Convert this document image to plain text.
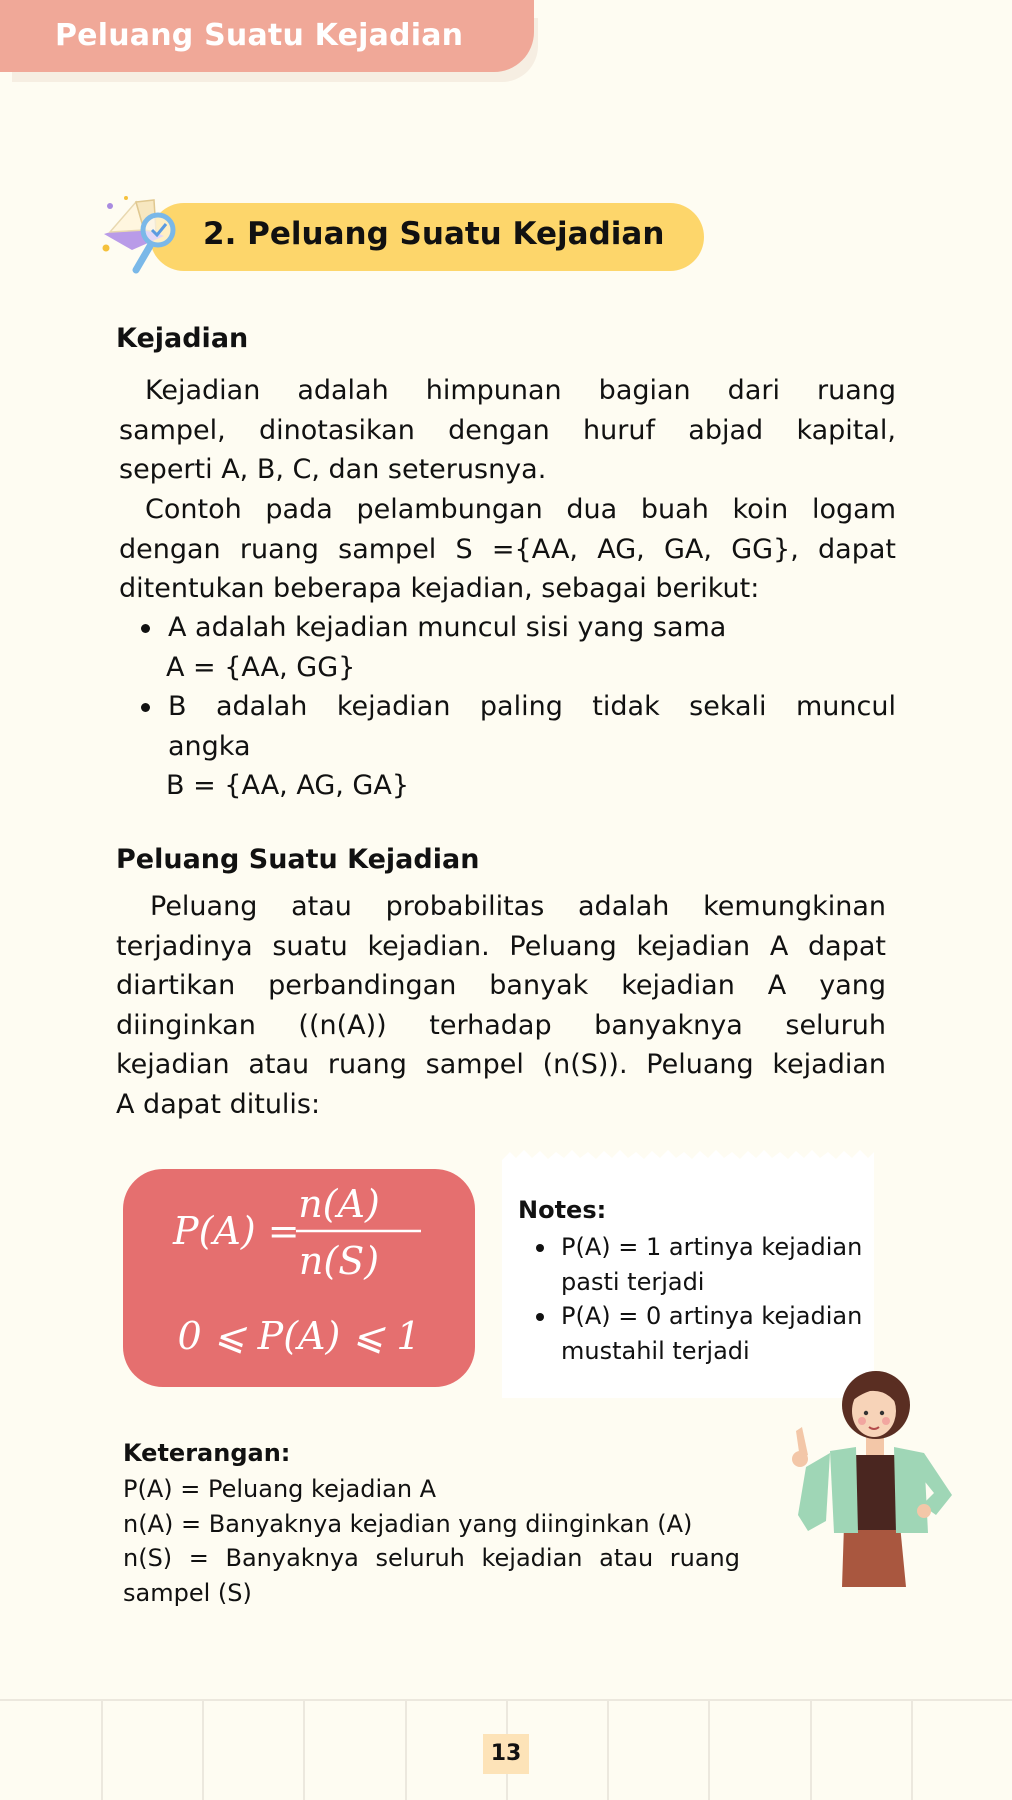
Peluang Suatu Kejadian
2. Peluang Suatu Kejadian
Kejadian
Kejadian adalah himpunan bagian dari ruang
sampel, dinotasikan dengan huruf abjad kapital,
seperti A, B, C, dan seterusnya.
Contoh pada pelambungan dua buah koin logam
dengan ruang sampel S ={AA, AG, GA, GG}, dapat
ditentukan beberapa kejadian, sebagai berikut:
A adalah kejadian muncul sisi yang sama
A = {AA, GG}
B adalah kejadian paling tidak sekali muncul
angka
B = {AA, AG, GA}
Peluang Suatu Kejadian
Peluang atau probabilitas adalah kemungkinan
terjadinya suatu kejadian. Peluang kejadian A dapat
diartikan perbandingan banyak kejadian A yang
diinginkan ((n(A)) terhadap banyaknya seluruh
kejadian atau ruang sampel (n(S)). Peluang kejadian
A dapat ditulis:
P(A) =
n(A)
n(S)
0 ⩽ P(A) ⩽ 1
Notes:
P(A) = 1 artinya kejadian
pasti terjadi
P(A) = 0 artinya kejadian
mustahil terjadi
Keterangan:
P(A) = Peluang kejadian A
n(A) = Banyaknya kejadian yang diinginkan (A)
n(S) = Banyaknya seluruh kejadian atau ruang
sampel (S)
13
